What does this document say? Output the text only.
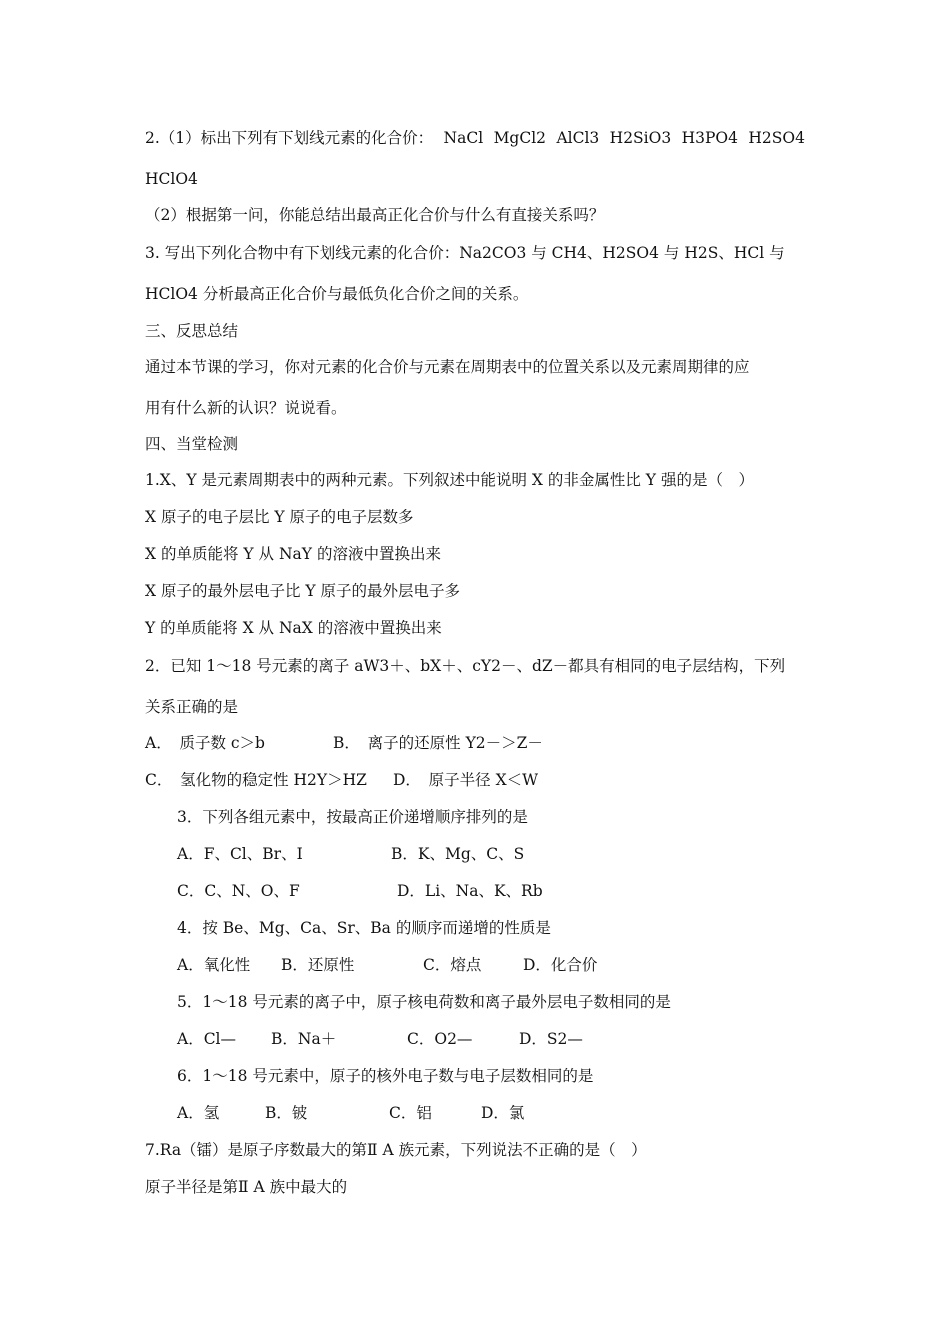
2.（1）标出下列有下划线元素的化合价： NaCl MgCl2 AlCl3 H2SiO3 H3PO4 H2SO4
HClO4
（2）根据第一问，你能总结出最高正化合价与什么有直接关系吗？
3. 写出下列化合物中有下划线元素的化合价：Na2CO3 与 CH4、H2SO4 与 H2S、HCl 与
HClO4 分析最高正化合价与最低负化合价之间的关系。
三、反思总结
通过本节课的学习，你对元素的化合价与元素在周期表中的位置关系以及元素周期律的应
用有什么新的认识？说说看。
四、当堂检测
1.X、Y 是元素周期表中的两种元素。下列叙述中能说明 X 的非金属性比 Y 强的是（　）
X 原子的电子层比 Y 原子的电子层数多
X 的单质能将 Y 从 NaY 的溶液中置换出来
X 原子的最外层电子比 Y 原子的最外层电子多
Y 的单质能将 X 从 NaX 的溶液中置换出来
2．已知 1～18 号元素的离子 aW3＋、bX＋、cY2－、dZ－都具有相同的电子层结构，下列
关系正确的是
A．　质子数 c＞b	B．　离子的还原性 Y2－＞Z－
C．　氢化物的稳定性 H2Y＞HZ	D．　原子半径 X＜W
3．下列各组元素中，按最高正价递增顺序排列的是
A．F、Cl、Br、I	B．K、Mg、C、S
C．C、N、O、F	D．Li、Na、K、Rb
4．按 Be、Mg、Ca、Sr、Ba 的顺序而递增的性质是
A．氧化性	B．还原性	C．熔点	D．化合价
5．1～18 号元素的离子中，原子核电荷数和离子最外层电子数相同的是
A．Cl—	B．Na＋	C．O2—	D．S2—
6．1～18 号元素中，原子的核外电子数与电子层数相同的是
A．氢	B．铍	C．铝	D．氯
7.Ra（镭）是原子序数最大的第Ⅱ A 族元素，下列说法不正确的是（　）
原子半径是第Ⅱ A 族中最大的
